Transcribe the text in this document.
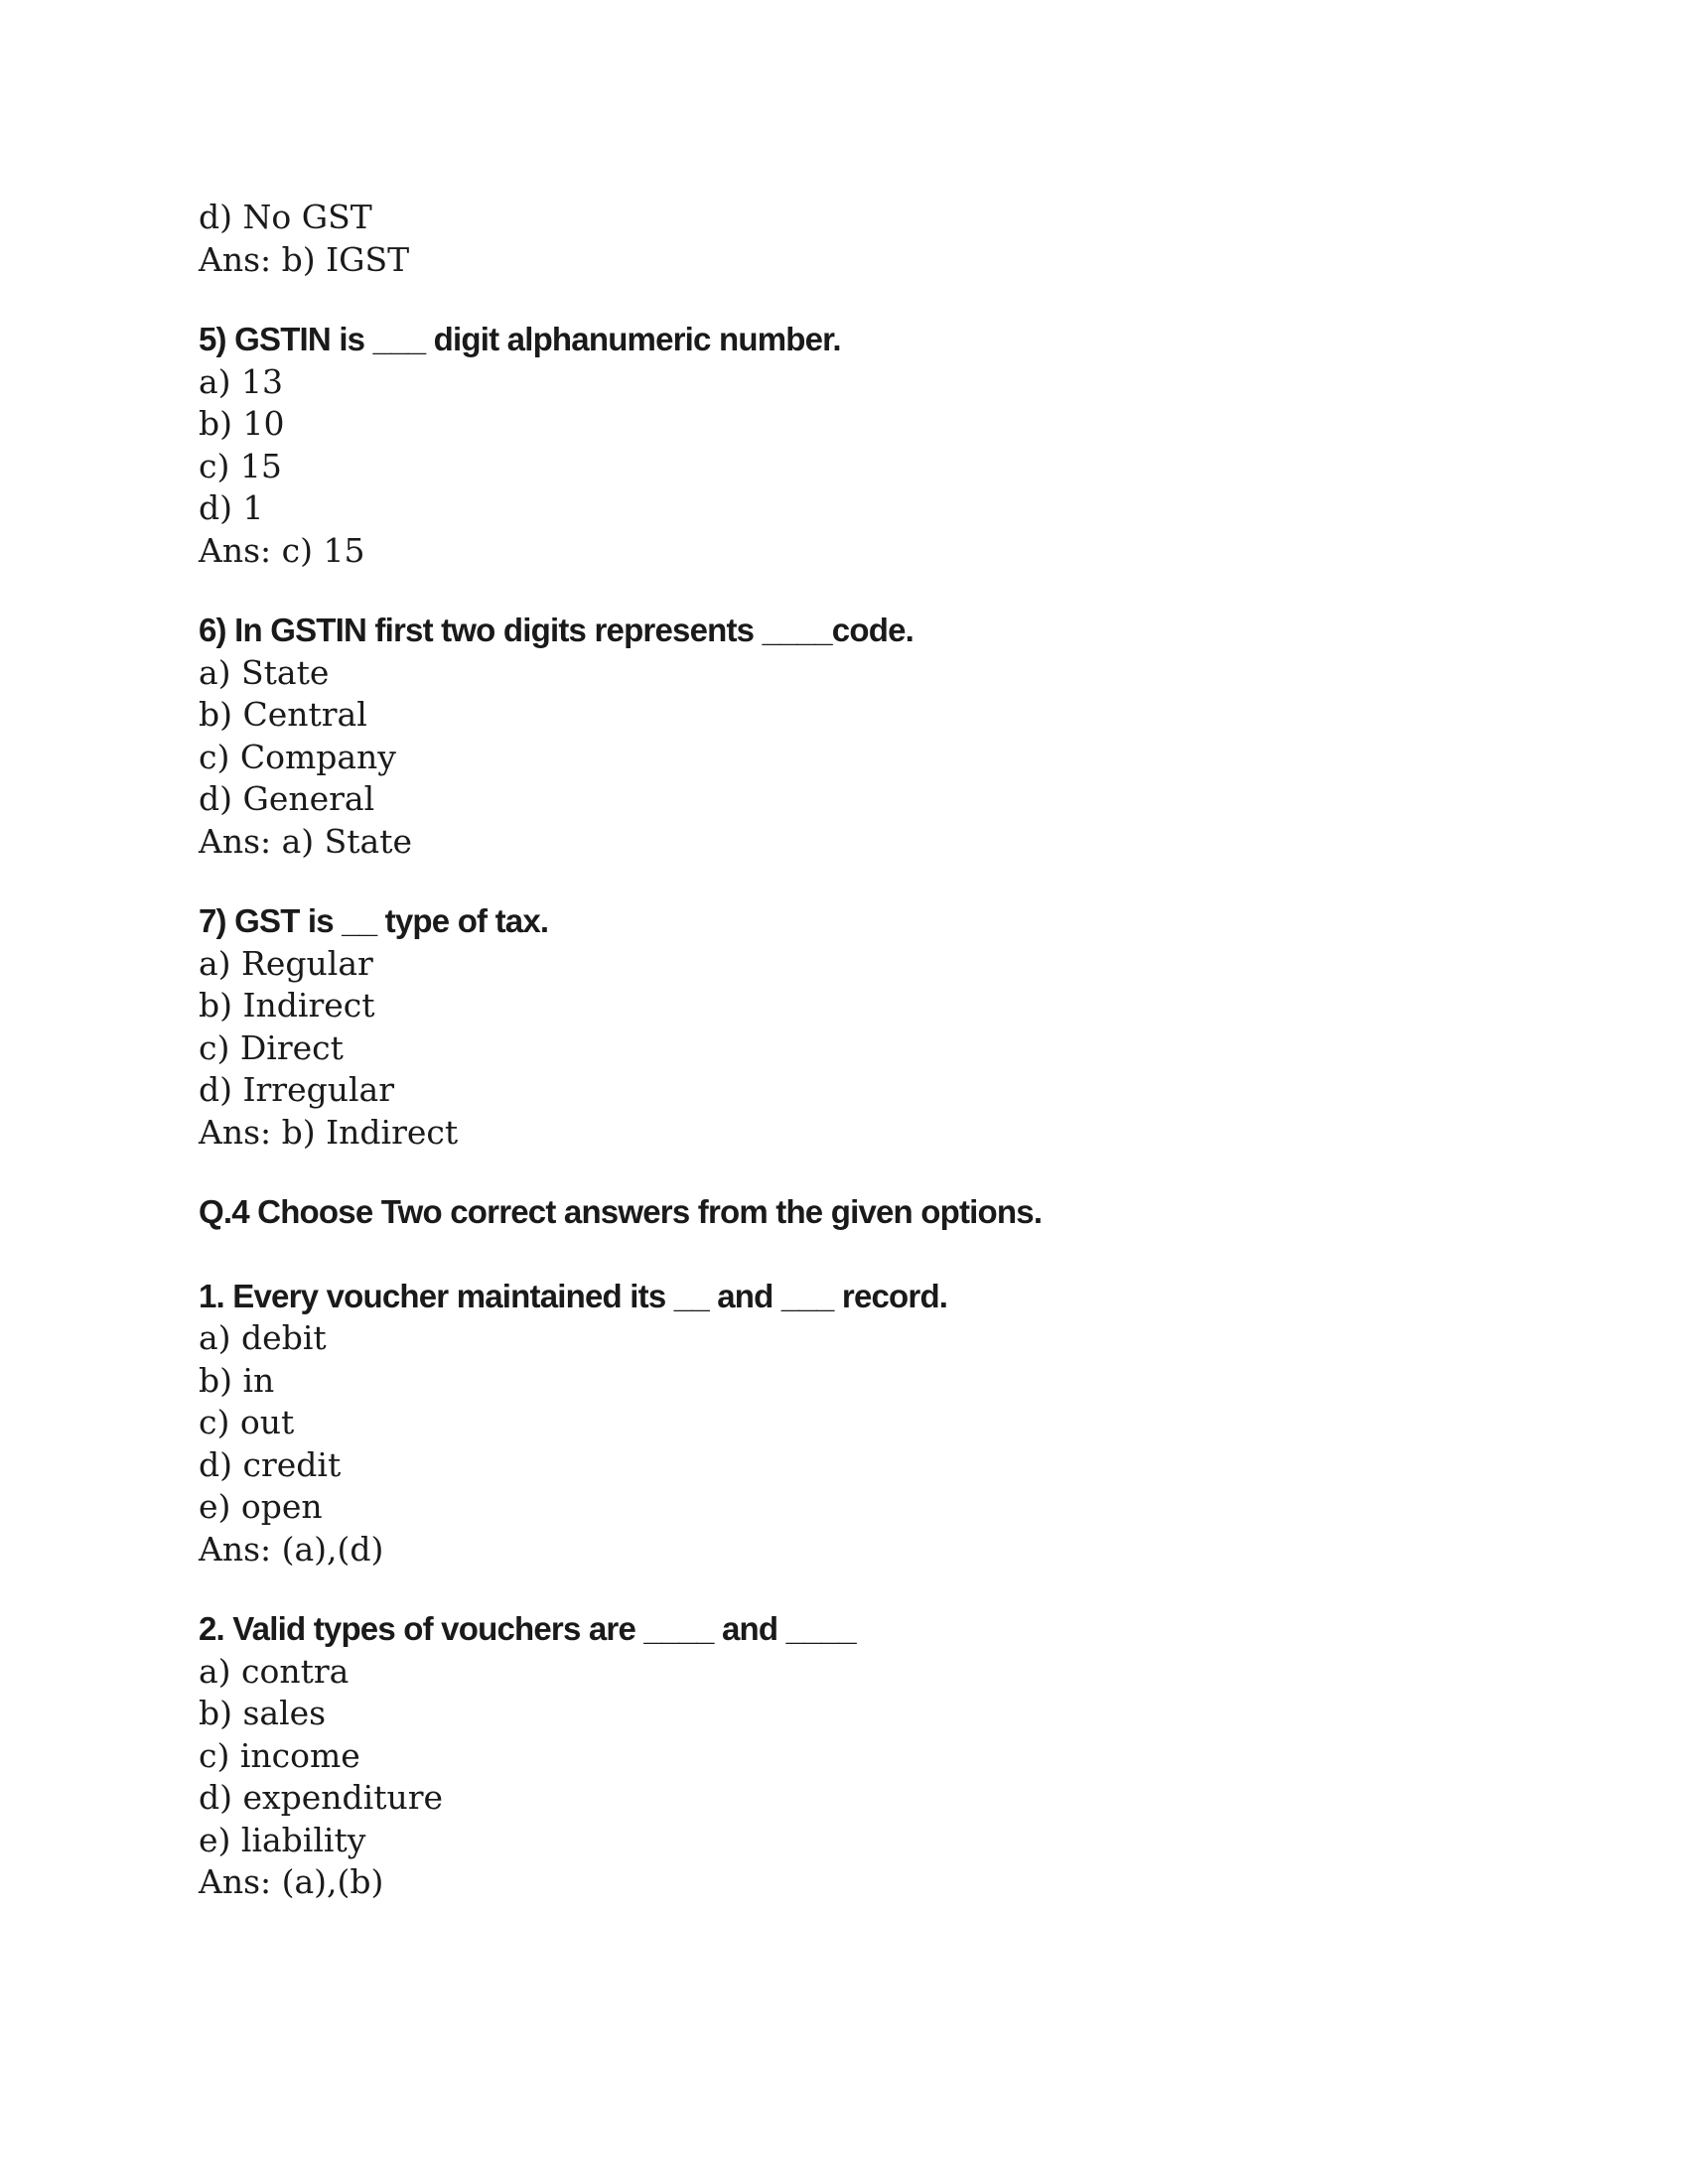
d) No GST
Ans: b) IGST
5) GSTIN is ___ digit alphanumeric number.
a) 13
b) 10
c) 15
d) 1
Ans: c) 15
6) In GSTIN first two digits represents ____code.
a) State
b) Central
c) Company
d) General
Ans: a) State
7) GST is __ type of tax.
a) Regular
b) Indirect
c) Direct
d) Irregular
Ans: b) Indirect
Q.4 Choose Two correct answers from the given options.
1. Every voucher maintained its __ and ___ record.
a) debit
b) in
c) out
d) credit
e) open
Ans: (a),(d)
2. Valid types of vouchers are ____ and ____
a) contra
b) sales
c) income
d) expenditure
e) liability
Ans: (a),(b)
